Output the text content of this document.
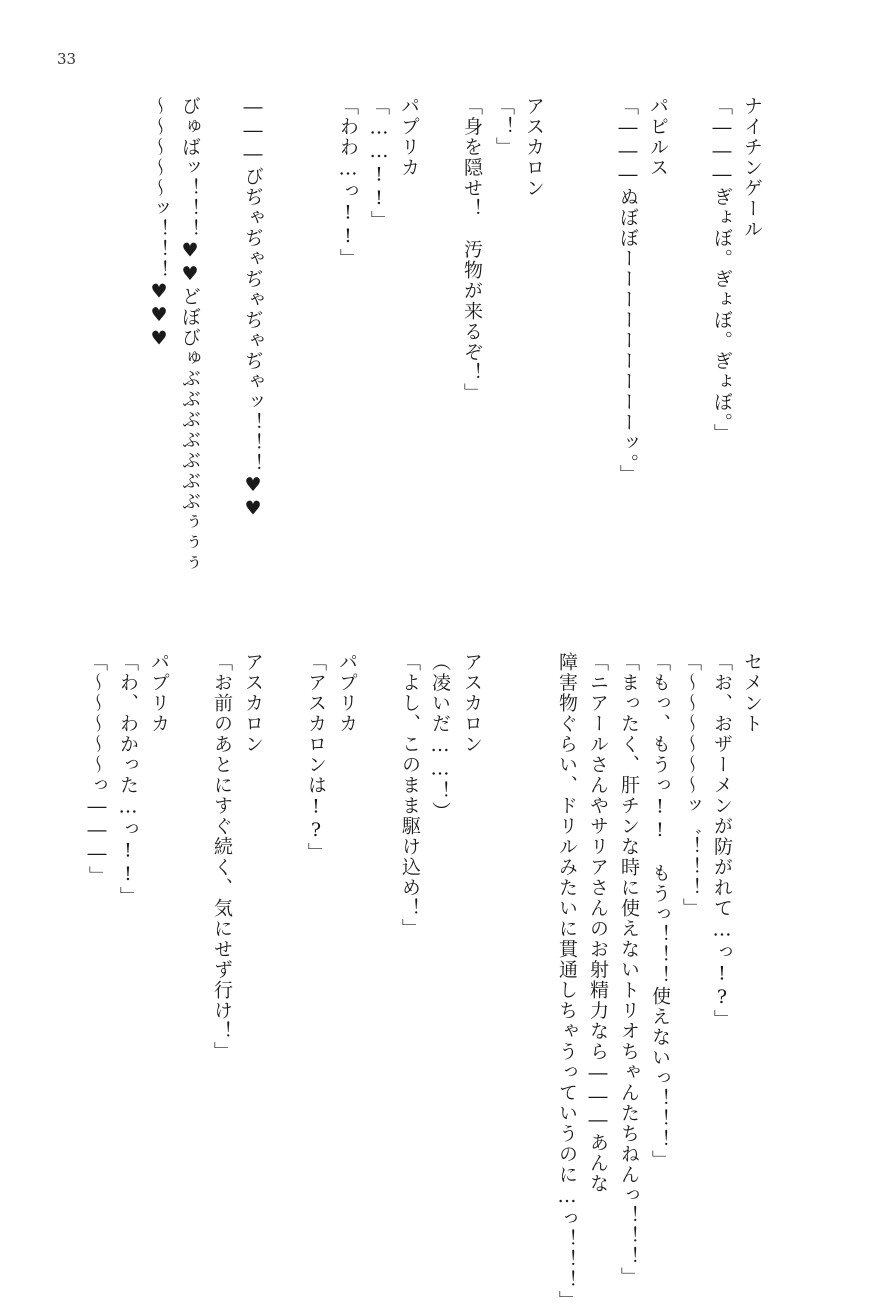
33
ナイチンゲール
「―――ぎょぼ。ぎょぼ。ぎょぼ。」
パピルス
「―――ぬぼぼーーーーーーーーーッ。」
アスカロン
「！」
「身を隠せ！　汚物が来るぞ！」
パプリカ
「……!!」
「わわ…っ!!」
―――びぢゃぢゃぢゃぢゃぢゃッ！！！♥♥
びゅばッ！！！♥♥どぼびゅぶぶぶぶぶぶぶぅぅぅ
～～～～～ッ！！！♥♥♥
セメント
「お、おザーメンが防がれて…っ!?」
「～～～～～～ッ゛！！！」
「もっ、もうっ!!　もうっ！！！使えないっ！！！」
「まったく、肝チンな時に使えないトリオちゃんたちねんっ！！！」
「ニアールさんやサリアさんのお射精力なら―――あんな
障害物ぐらい、ドリルみたいに貫通しちゃうっていうのに…っ！！！」
アスカロン
（凌いだ……！）
「よし、このまま駆け込め！」
パプリカ
「アスカロンは!?」
アスカロン
「お前のあとにすぐ続く、気にせず行け！」
パプリカ
「わ、わかった…っ!!」
「～～～～～っ―――」
